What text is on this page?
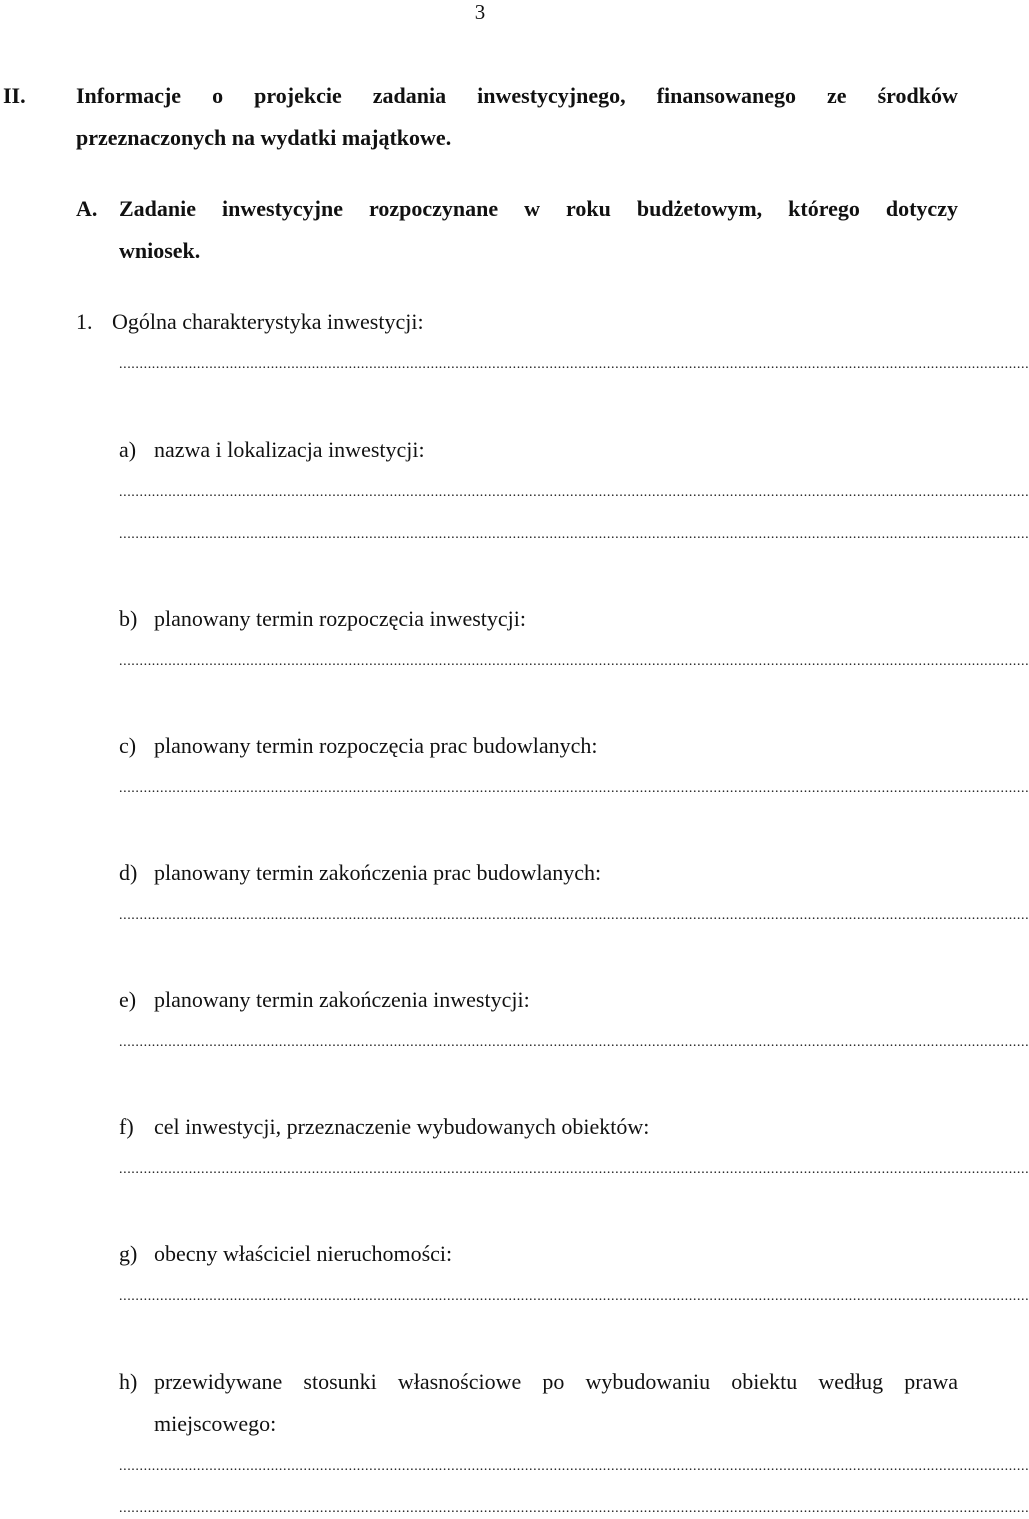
3
II. Informacje o projekcie zadania inwestycyjnego, finansowanego ze środków
przeznaczonych na wydatki majątkowe.
A. Zadanie inwestycyjne rozpoczynane w roku budżetowym, którego dotyczy
wniosek.
1. Ogólna charakterystyka inwestycji:
..............................................................................................................................................................................................................................
a) nazwa i lokalizacja inwestycji:
..............................................................................................................................................................................................................................
..............................................................................................................................................................................................................................
b) planowany termin rozpoczęcia inwestycji:
..............................................................................................................................................................................................................................
c) planowany termin rozpoczęcia prac budowlanych:
..............................................................................................................................................................................................................................
d) planowany termin zakończenia prac budowlanych:
..............................................................................................................................................................................................................................
e) planowany termin zakończenia inwestycji:
..............................................................................................................................................................................................................................
f) cel inwestycji, przeznaczenie wybudowanych obiektów:
..............................................................................................................................................................................................................................
g) obecny właściciel nieruchomości:
..............................................................................................................................................................................................................................
h) przewidywane stosunki własnościowe po wybudowaniu obiektu według prawa
miejscowego:
..............................................................................................................................................................................................................................
..............................................................................................................................................................................................................................
